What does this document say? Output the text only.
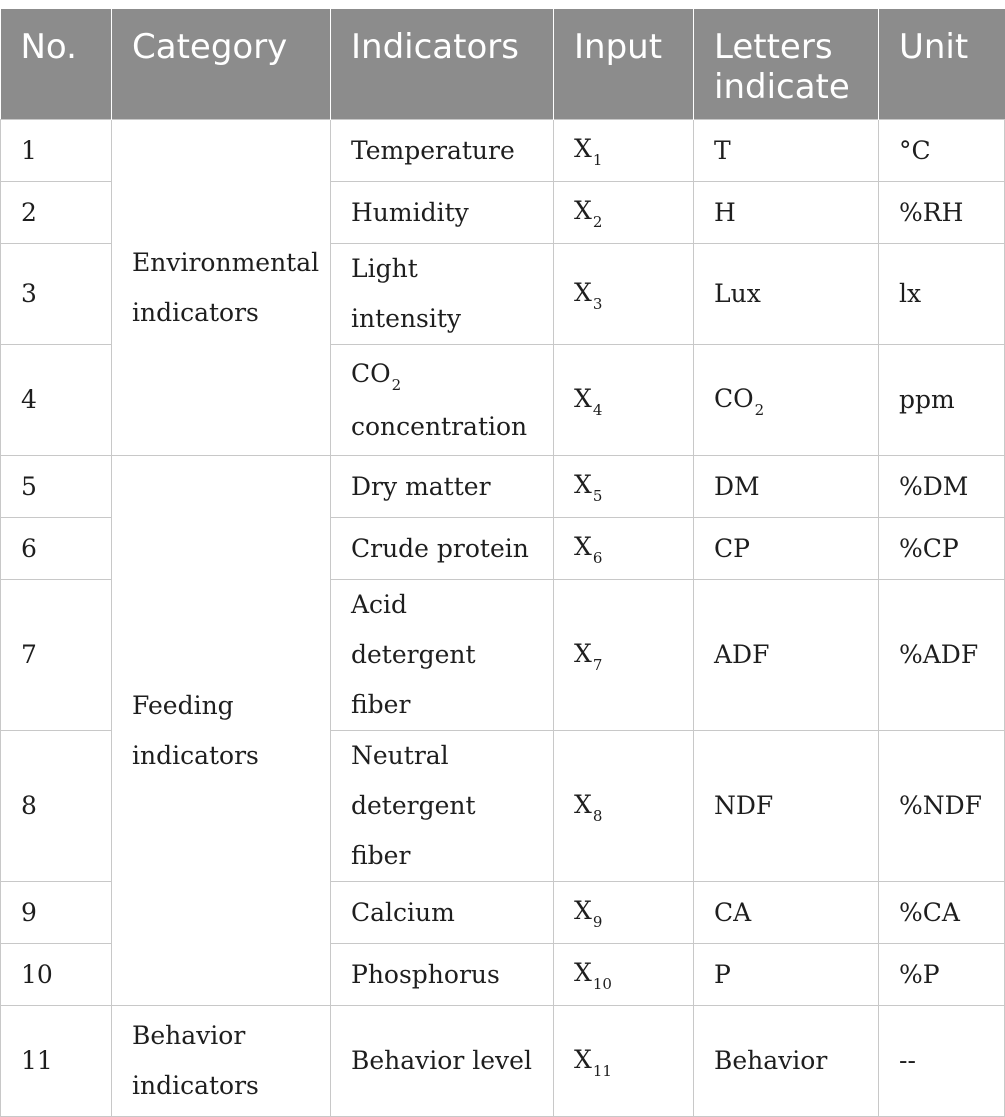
No.	Category	Indicators	Input	Letters indicate	Unit
1	Environmental indicators	Temperature	$X_1$	T	°C
2		Humidity	$X_2$	H	%RH
3		Light intensity	$X_3$	Lux	lx
4		$CO_2$ concentration	$X_4$	$CO_2$	ppm
5	Feeding indicators	Dry matter	$X_5$	DM	%DM
6		Crude protein	$X_6$	CP	%CP
7		Acid detergent fiber	$X_7$	ADF	%ADF
8		Neutral detergent fiber	$X_8$	NDF	%NDF
9		Calcium	$X_9$	CA	%CA
10		Phosphorus	$X_{10}$	P	%P
11	Behavior indicators	Behavior level	$X_{11}$	Behavior	--
